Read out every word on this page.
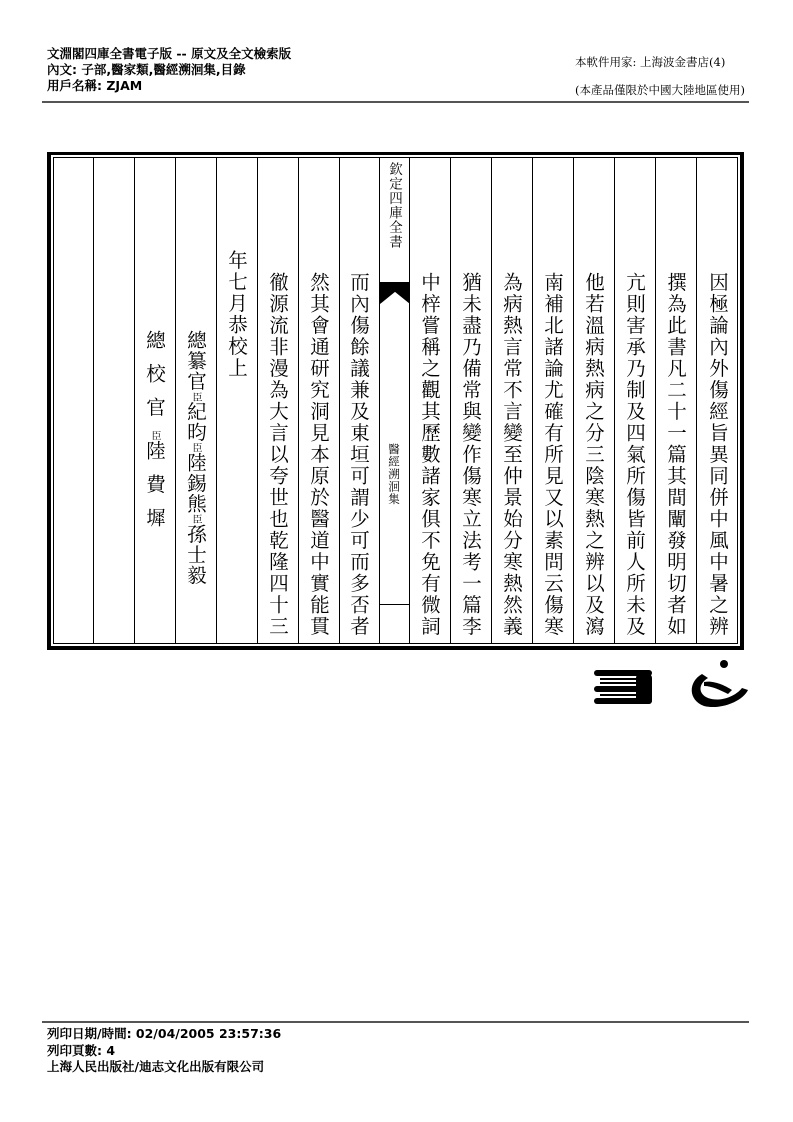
文淵閣四庫全書電子版 -- 原文及全文檢索版
內文: 子部,醫家類,醫經溯洄集,目錄
用戶名稱: ZJAM
本軟件用家: 上海波金書店(4)
(本產品僅限於中國大陸地區使用)
因極論內外傷經旨異同併中風中暑之辨
撰為此書凡二十一篇其間闡發明切者如
亢則害承乃制及四氣所傷皆前人所未及
他若溫病熱病之分三陰寒熱之辨以及瀉
南補北諸論尤確有所見又以素問云傷寒
為病熱言常不言變至仲景始分寒熱然義
猶未盡乃備常與變作傷寒立法考一篇李
中梓嘗稱之觀其歷數諸家俱不免有微詞
欽定四庫全書
醫經溯洄集
而內傷餘議兼及東垣可謂少可而多否者
然其會通研究洞見本原於醫道中實能貫
徹源流非漫為大言以夸世也乾隆四十三
年七月恭校上
總纂官臣紀昀臣陸錫熊臣孫士毅
總校官臣陸費墀
列印日期/時間: 02/04/2005 23:57:36
列印頁數: 4
上海人民出版社/迪志文化出版有限公司
